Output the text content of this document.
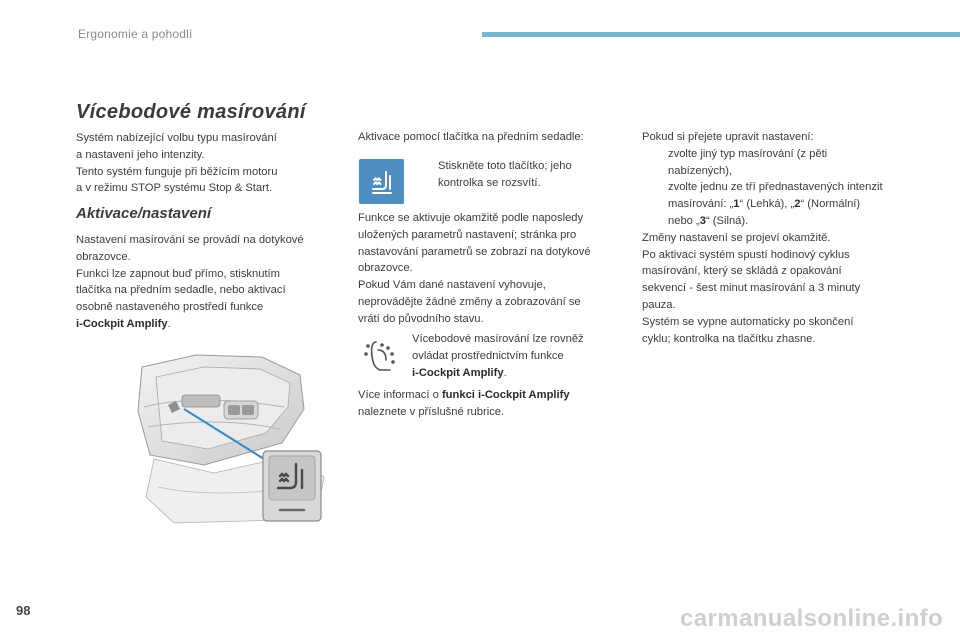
Ergonomie a pohodlí
Vícebodové masírování
Systém nabízející volbu typu masírování
a nastavení jeho intenzity.
Tento systém funguje při běžícím motoru
a v režimu STOP systému Stop & Start.
Aktivace/nastavení
Nastavení masírování se provádí na dotykové
obrazovce.
Funkci lze zapnout buď přímo, stisknutím
tlačítka na předním sedadle, nebo aktivací
osobně nastaveného prostředí funkce
i-Cockpit Amplify.
Aktivace pomocí tlačítka na předním sedadle:
Stiskněte toto tlačítko; jeho
kontrolka se rozsvítí.
Funkce se aktivuje okamžitě podle naposledy
uložených parametrů nastavení; stránka pro
nastavování parametrů se zobrazí na dotykové
obrazovce.
Pokud Vám dané nastavení vyhovuje,
neprovádějte žádné změny a zobrazování se
vrátí do původního stavu.
Vícebodové masírování lze rovněž
ovládat prostřednictvím funkce
i-Cockpit Amplify.
Více informací o funkci i-Cockpit Amplify
naleznete v příslušné rubrice.
Pokud si přejete upravit nastavení:
zvolte jiný typ masírování (z pěti
nabízených),
zvolte jednu ze tří přednastavených intenzit
masírování: „1“ (Lehká), „2“ (Normální)
nebo „3“ (Silná).
Změny nastavení se projeví okamžitě.
Po aktivaci systém spustí hodinový cyklus
masírování, který se skládá z opakování
sekvencí - šest minut masírování a 3 minuty
pauza.
Systém se vypne automaticky po skončení
cyklu; kontrolka na tlačítku zhasne.
98	carmanualsonline.info
